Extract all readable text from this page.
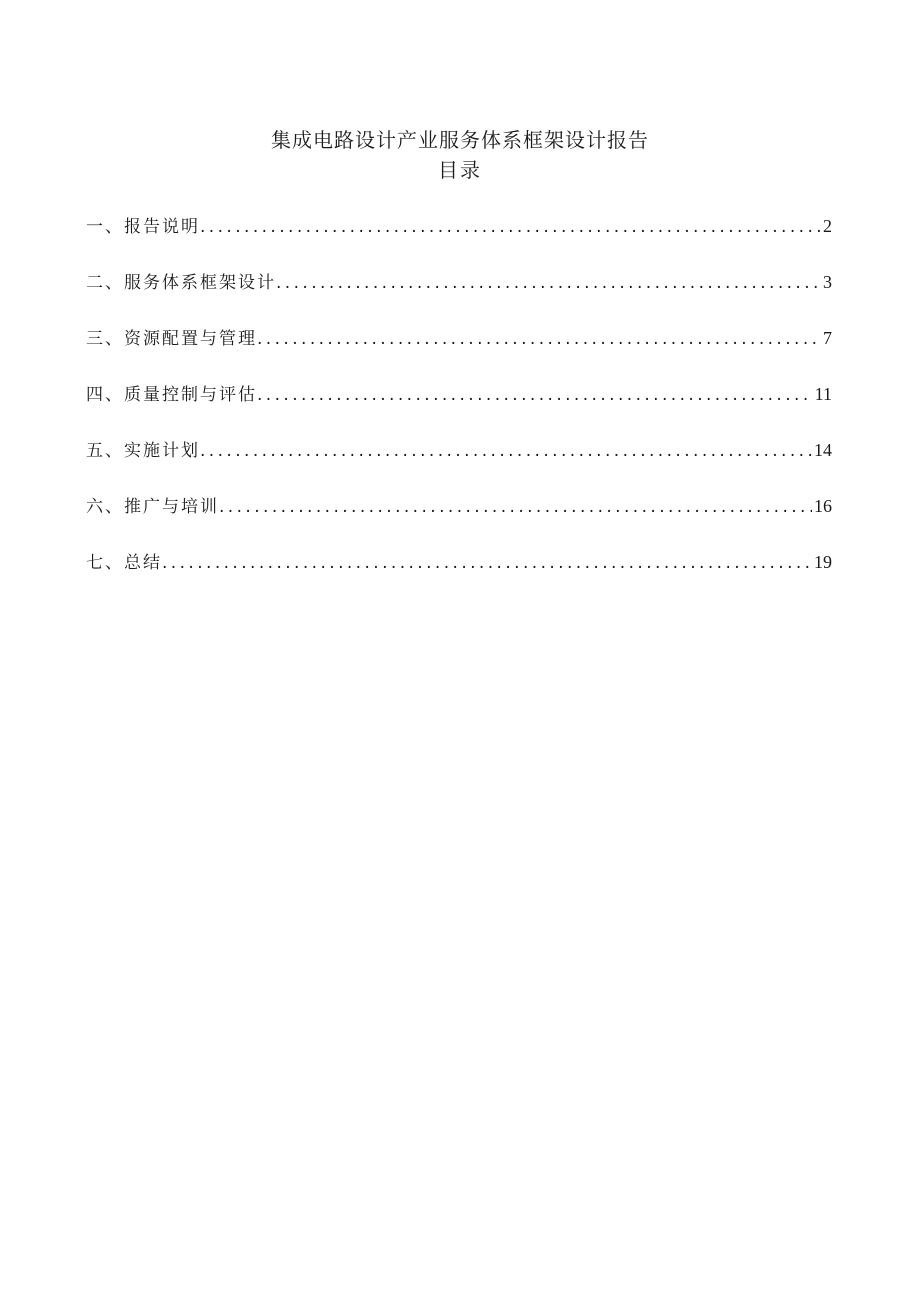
集成电路设计产业服务体系框架设计报告
目录
一、报告说明 .....	2
二、服务体系框架设计 .....	3
三、资源配置与管理 .....	7
四、质量控制与评估 .....	11
五、实施计划 .....	14
六、推广与培训 .....	16
七、总结 .....	19
